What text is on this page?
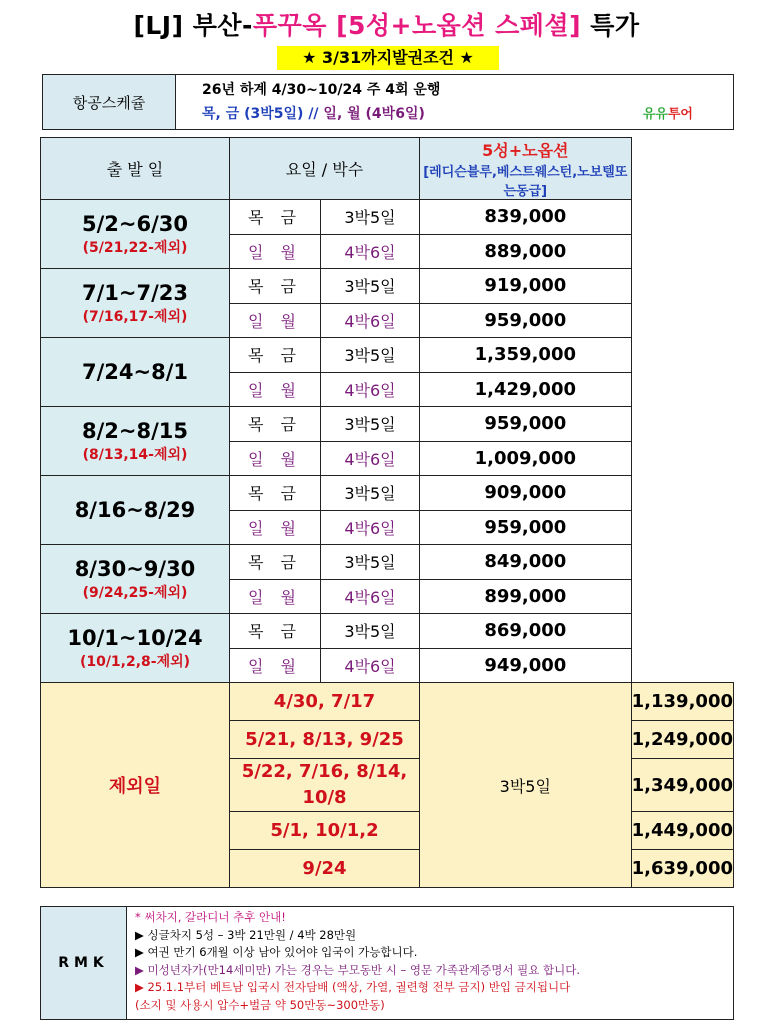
[LJ] 부산-푸꾸옥 [5성+노옵션 스페셜] 특가
★ 3/31까지발권조건 ★
항공스케쥴	
26년 하계 4/30~10/24 주 4회 운행
목, 금 (3박5일) // 일, 월 (4박6일)	유유투어
출 발 일	요일 / 박수		5성+노옵션
[레디슨블루,베스트웨스턴,노보텔또는동급]	

5/2~6/30
(5/21,22-제외)	목 금	3박5일	839,000	
	일 월	4박6일	889,000	

7/1~7/23
(7/16,17-제외)	목 금	3박5일	919,000	
	일 월	4박6일	959,000	

7/24~8/1	목 금	3박5일	1,359,000	
	일 월	4박6일	1,429,000	

8/2~8/15
(8/13,14-제외)	목 금	3박5일	959,000	
	일 월	4박6일	1,009,000	

8/16~8/29	목 금	3박5일	909,000	
	일 월	4박6일	959,000	

8/30~9/30
(9/24,25-제외)	목 금	3박5일	849,000	
	일 월	4박6일	899,000	

10/1~10/24
(10/1,2,8-제외)	목 금	3박5일	869,000	
	일 월	4박6일	949,000	
제외일	4/30, 7/17		3박5일	1,139,000
	5/21, 8/13, 9/25			1,249,000
	5/22, 7/16, 8/14, 10/8			1,349,000
	5/1, 10/1,2			1,449,000
	9/24			1,639,000
RMK	
* 써차지, 갈라디너 추후 안내!
▶ 싱글차지 5성 – 3박 21만원 / 4박 28만원
▶ 여권 만기 6개월 이상 남아 있어야 입국이 가능합니다.
▶ 미성년자가(만14세미만) 가는 경우는 부모동반 시 – 영문 가족관계증명서 필요 합니다.
▶ 25.1.1부터 베트남 입국시 전자담배 (액상, 가열, 궐련형 전부 금지) 반입 금지됩니다
(소지 및 사용시 압수+벌금 약 50만동~300만동)
